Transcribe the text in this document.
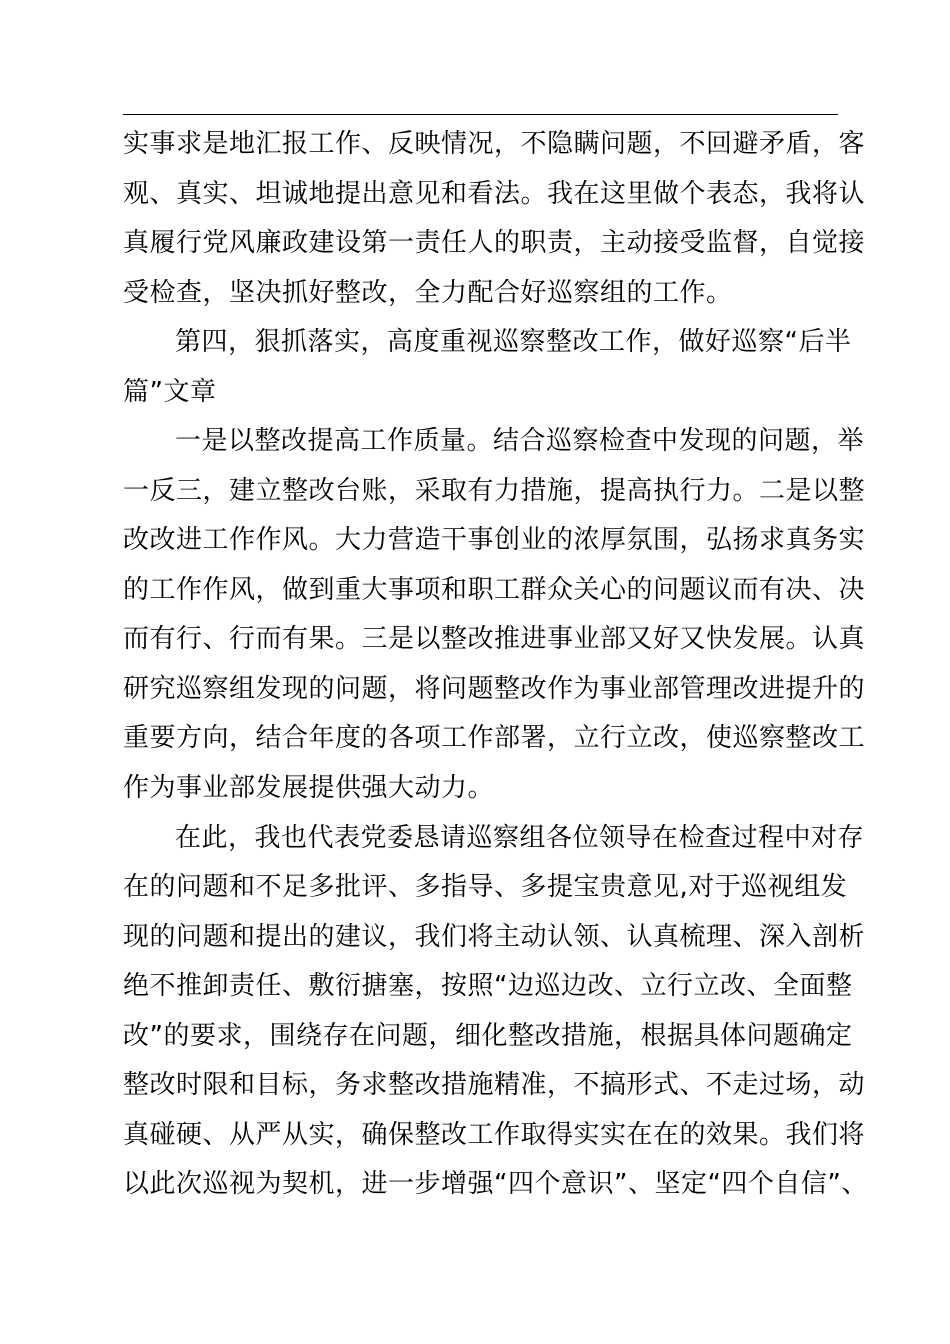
实事求是地汇报工作、反映情况，不隐瞒问题，不回避矛盾，客
观、真实、坦诚地提出意见和看法。我在这里做个表态，我将认
真履行党风廉政建设第一责任人的职责，主动接受监督，自觉接
受检查，坚决抓好整改，全力配合好巡察组的工作。
第四，狠抓落实，高度重视巡察整改工作，做好巡察“后半
篇”文章
一是以整改提高工作质量。结合巡察检查中发现的问题，举
一反三，建立整改台账，采取有力措施，提高执行力。二是以整
改改进工作作风。大力营造干事创业的浓厚氛围，弘扬求真务实
的工作作风，做到重大事项和职工群众关心的问题议而有决、决
而有行、行而有果。三是以整改推进事业部又好又快发展。认真
研究巡察组发现的问题，将问题整改作为事业部管理改进提升的
重要方向，结合年度的各项工作部署，立行立改，使巡察整改工
作为事业部发展提供强大动力。
在此，我也代表党委恳请巡察组各位领导在检查过程中对存
在的问题和不足多批评、多指导、多提宝贵意见,对于巡视组发
现的问题和提出的建议，我们将主动认领、认真梳理、深入剖析
绝不推卸责任、敷衍搪塞，按照“边巡边改、立行立改、全面整
改”的要求，围绕存在问题，细化整改措施，根据具体问题确定
整改时限和目标，务求整改措施精准，不搞形式、不走过场，动
真碰硬、从严从实，确保整改工作取得实实在在的效果。我们将
以此次巡视为契机，进一步增强“四个意识”、坚定“四个自信”、
